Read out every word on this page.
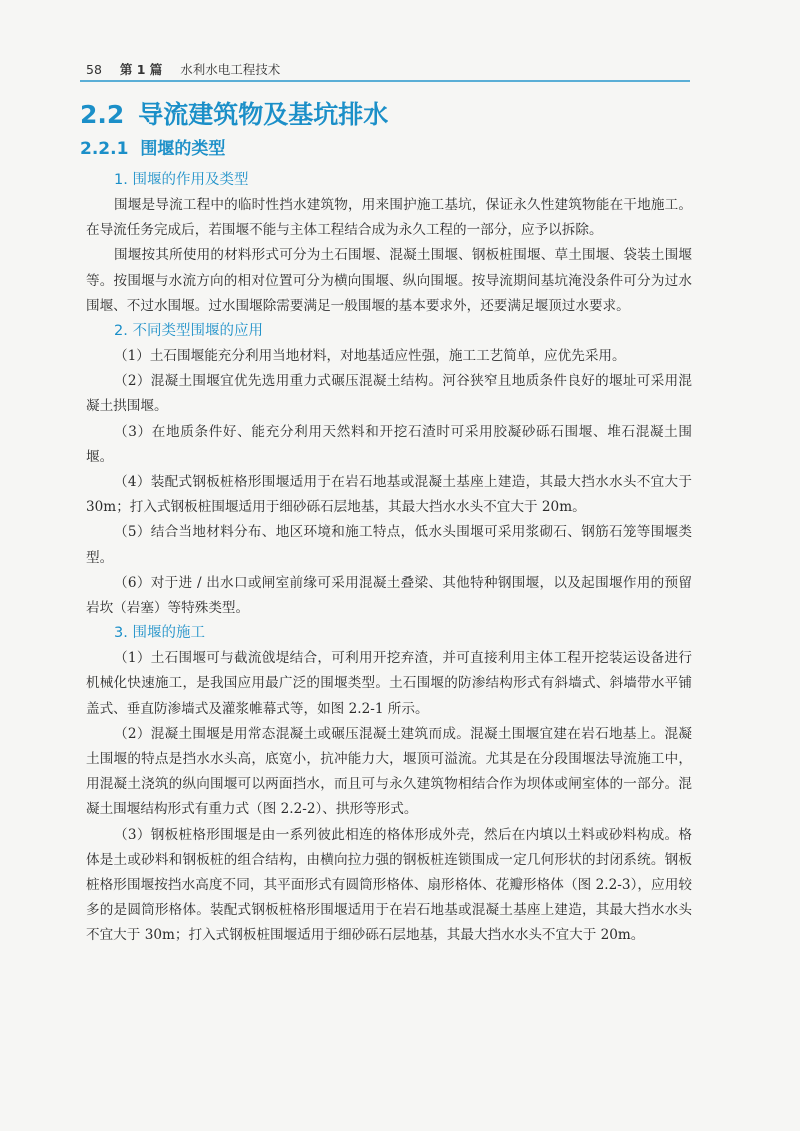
58 第 1 篇 水利水电工程技术
2.2 导流建筑物及基坑排水
2.2.1 围堰的类型
1. 围堰的作用及类型

围堰是导流工程中的临时性挡水建筑物，用来围护施工基坑，保证永久性建筑物能在干地施工。在导流任务完成后，若围堰不能与主体工程结合成为永久工程的一部分，应予以拆除。

围堰按其所使用的材料形式可分为土石围堰、混凝土围堰、钢板桩围堰、草土围堰、袋装土围堰等。按围堰与水流方向的相对位置可分为横向围堰、纵向围堰。按导流期间基坑淹没条件可分为过水围堰、不过水围堰。过水围堰除需要满足一般围堰的基本要求外，还要满足堰顶过水要求。

2. 不同类型围堰的应用

（1）土石围堰能充分利用当地材料，对地基适应性强，施工工艺简单，应优先采用。

（2）混凝土围堰宜优先选用重力式碾压混凝土结构。河谷狭窄且地质条件良好的堰址可采用混凝土拱围堰。

（3）在地质条件好、能充分利用天然料和开挖石渣时可采用胶凝砂砾石围堰、堆石混凝土围堰。

（4）装配式钢板桩格形围堰适用于在岩石地基或混凝土基座上建造，其最大挡水水头不宜大于 30m；打入式钢板桩围堰适用于细砂砾石层地基，其最大挡水水头不宜大于 20m。

（5）结合当地材料分布、地区环境和施工特点，低水头围堰可采用浆砌石、钢筋石笼等围堰类型。

（6）对于进 / 出水口或闸室前缘可采用混凝土叠梁、其他特种钢围堰，以及起围堰作用的预留岩坎（岩塞）等特殊类型。

3. 围堰的施工

（1）土石围堰可与截流戗堤结合，可利用开挖弃渣，并可直接利用主体工程开挖装运设备进行机械化快速施工，是我国应用最广泛的围堰类型。土石围堰的防渗结构形式有斜墙式、斜墙带水平铺盖式、垂直防渗墙式及灌浆帷幕式等，如图 2.2-1 所示。

（2）混凝土围堰是用常态混凝土或碾压混凝土建筑而成。混凝土围堰宜建在岩石地基上。混凝土围堰的特点是挡水水头高，底宽小，抗冲能力大，堰顶可溢流。尤其是在分段围堰法导流施工中，用混凝土浇筑的纵向围堰可以两面挡水，而且可与永久建筑物相结合作为坝体或闸室体的一部分。混凝土围堰结构形式有重力式（图 2.2-2）、拱形等形式。

（3）钢板桩格形围堰是由一系列彼此相连的格体形成外壳，然后在内填以土料或砂料构成。格体是土或砂料和钢板桩的组合结构，由横向拉力强的钢板桩连锁围成一定几何形状的封闭系统。钢板桩格形围堰按挡水高度不同，其平面形式有圆筒形格体、扇形格体、花瓣形格体（图 2.2-3），应用较多的是圆筒形格体。装配式钢板桩格形围堰适用于在岩石地基或混凝土基座上建造，其最大挡水水头不宜大于 30m；打入式钢板桩围堰适用于细砂砾石层地基，其最大挡水水头不宜大于 20m。
